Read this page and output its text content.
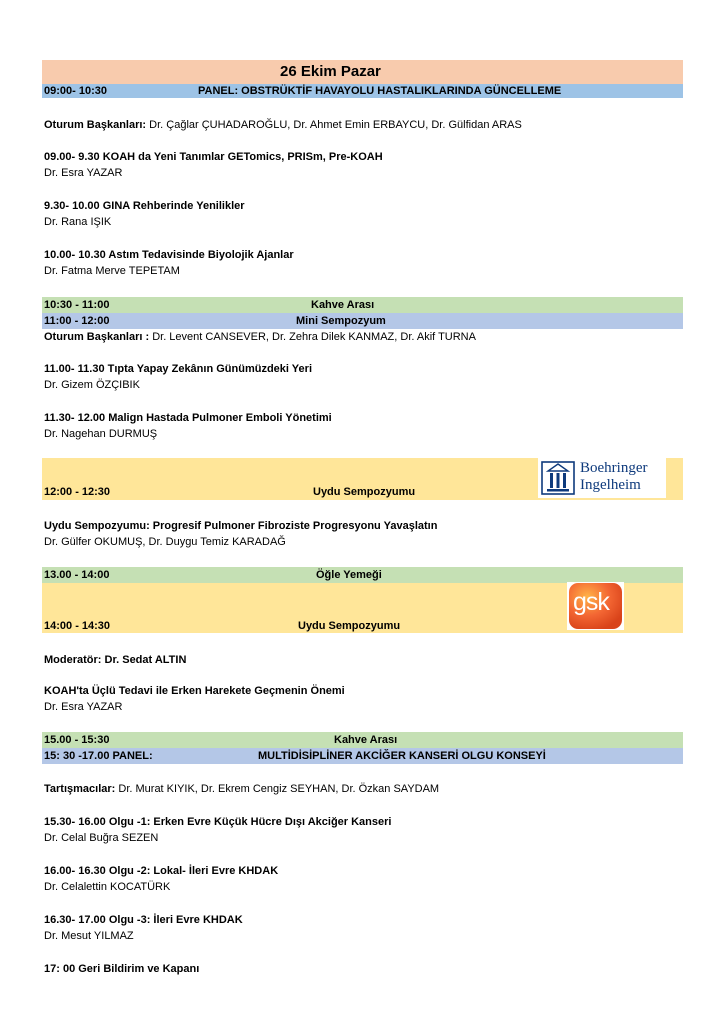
26 Ekim Pazar
09:00- 10:30	PANEL: OBSTRÜKTİF HAVAYOLU HASTALIKLARINDA GÜNCELLEME
Oturum Başkanları: Dr. Çağlar ÇUHADAROĞLU, Dr. Ahmet Emin ERBAYCU, Dr. Gülfidan ARAS
09.00- 9.30 KOAH da Yeni Tanımlar GETomics, PRISm, Pre-KOAH
Dr. Esra YAZAR
9.30- 10.00 GINA Rehberinde Yenilikler
Dr. Rana IŞIK
10.00- 10.30 Astım Tedavisinde Biyolojik Ajanlar
Dr. Fatma Merve TEPETAM
10:30 - 11:00	Kahve Arası
11:00 - 12:00	Mini Sempozyum
Oturum Başkanları : Dr. Levent CANSEVER, Dr. Zehra Dilek KANMAZ, Dr. Akif TURNA
11.00- 11.30 Tıpta Yapay Zekânın Günümüzdeki Yeri
Dr. Gizem ÖZÇIBIK
11.30- 12.00 Malign Hastada Pulmoner Emboli Yönetimi
Dr. Nagehan DURMUŞ
12:00 - 12:30	Uydu Sempozyumu
Boehringer
Ingelheim
Uydu Sempozyumu: Progresif Pulmoner Fibroziste Progresyonu Yavaşlatın
Dr. Gülfer OKUMUŞ, Dr. Duygu Temiz KARADAĞ
13.00 - 14:00	Öğle Yemeği
14:00 - 14:30	Uydu Sempozyumu
gsk
Moderatör: Dr. Sedat ALTIN
KOAH'ta Üçlü Tedavi ile Erken Harekete Geçmenin Önemi
Dr. Esra YAZAR
15.00 - 15:30	Kahve Arası
15: 30 -17.00 PANEL:	MULTİDİSİPLİNER AKCİĞER KANSERİ OLGU KONSEYİ
Tartışmacılar: Dr. Murat KIYIK, Dr. Ekrem Cengiz SEYHAN, Dr. Özkan SAYDAM
15.30- 16.00 Olgu -1: Erken Evre Küçük Hücre Dışı Akciğer Kanseri
Dr. Celal Buğra SEZEN
16.00- 16.30 Olgu -2: Lokal- İleri Evre KHDAK
Dr. Celalettin KOCATÜRK
16.30- 17.00 Olgu -3: İleri Evre KHDAK
Dr. Mesut YILMAZ
17: 00 Geri Bildirim ve Kapanı
